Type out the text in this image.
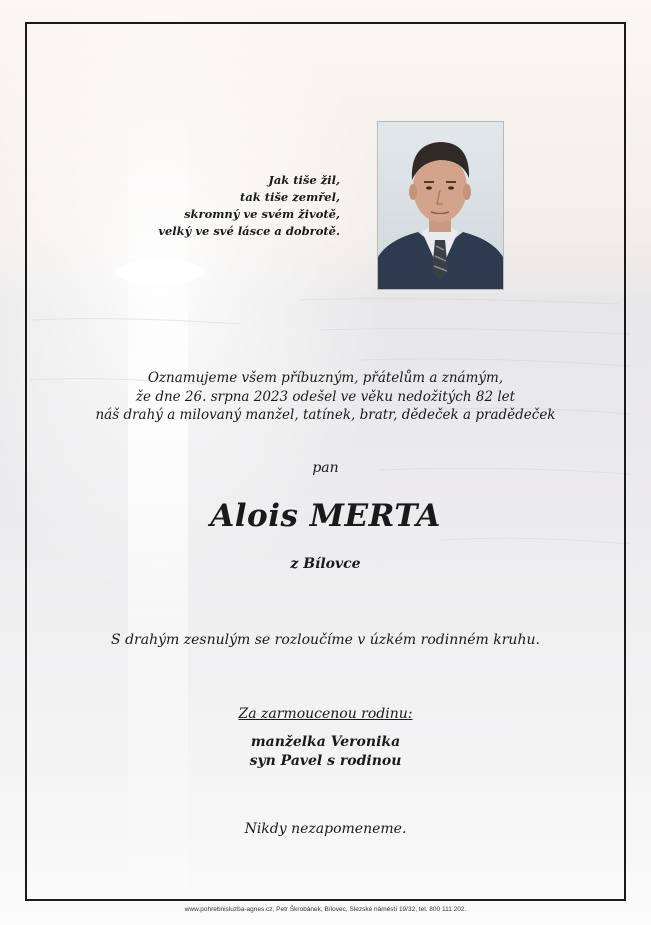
Jak tiše žil,
tak tiše zemřel,
skromný ve svém životě,
velký ve své lásce a dobrotě.
Oznamujeme všem příbuzným, přátelům a známým,
že dne 26. srpna 2023 odešel ve věku nedožitých 82 let
náš drahý a milovaný manžel, tatínek, bratr, dědeček a pradědeček

pan

Alois MERTA

z Bílovce

S drahým zesnulým se rozloučíme v úzkém rodinném kruhu.

Za zarmoucenou rodinu:

manželka Veronika
syn Pavel s rodinou

Nikdy nezapomeneme.

www.pohrebnisluzba-agnes.cz, Petr Škrobánek, Bílovec, Slezské náměstí 19/32, tel. 800 111 202.
